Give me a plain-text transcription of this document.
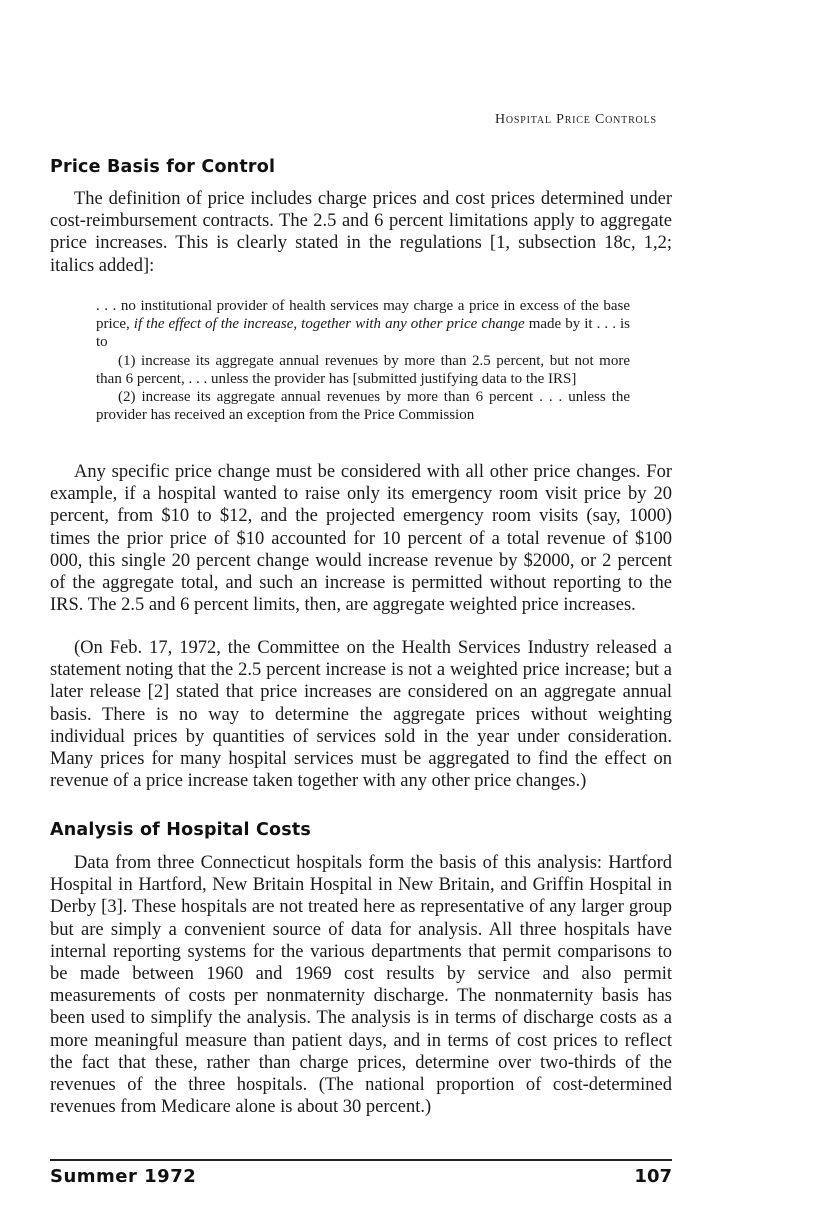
Hospital Price Controls
Price Basis for Control

The definition of price includes charge prices and cost prices determined under cost-reimbursement contracts. The 2.5 and 6 percent limitations apply to aggregate price increases. This is clearly stated in the regulations [1, subsection 18c, 1,2; italics added]:

. . . no institutional provider of health services may charge a price in excess of the base price, if the effect of the increase, together with any other price change made by it . . . is to

(1) increase its aggregate annual revenues by more than 2.5 percent, but not more than 6 percent, . . . unless the provider has [submitted justifying data to the IRS]

(2) increase its aggregate annual revenues by more than 6 percent . . . unless the provider has received an exception from the Price Commission

Any specific price change must be considered with all other price changes. For example, if a hospital wanted to raise only its emergency room visit price by 20 percent, from $10 to $12, and the projected emergency room visits (say, 1000) times the prior price of $10 accounted for 10 percent of a total revenue of $100 000, this single 20 percent change would increase revenue by $2000, or 2 percent of the aggregate total, and such an increase is permitted without reporting to the IRS. The 2.5 and 6 percent limits, then, are aggregate weighted price increases.

(On Feb. 17, 1972, the Committee on the Health Services Industry released a statement noting that the 2.5 percent increase is not a weighted price increase; but a later release [2] stated that price increases are considered on an aggregate annual basis. There is no way to determine the aggregate prices without weighting individual prices by quantities of services sold in the year under consideration. Many prices for many hospital services must be aggregated to find the effect on revenue of a price increase taken together with any other price changes.)

Analysis of Hospital Costs

Data from three Connecticut hospitals form the basis of this analysis: Hartford Hospital in Hartford, New Britain Hospital in New Britain, and Griffin Hospital in Derby [3]. These hospitals are not treated here as representative of any larger group but are simply a convenient source of data for analysis. All three hospitals have internal reporting systems for the various departments that permit comparisons to be made between 1960 and 1969 cost results by service and also permit measurements of costs per nonmaternity discharge. The nonmaternity basis has been used to simplify the analysis. The analysis is in terms of discharge costs as a more meaningful measure than patient days, and in terms of cost prices to reflect the fact that these, rather than charge prices, determine over two-thirds of the revenues of the three hospitals. (The national proportion of cost-determined revenues from Medicare alone is about 30 percent.)

Summer 1972	107
